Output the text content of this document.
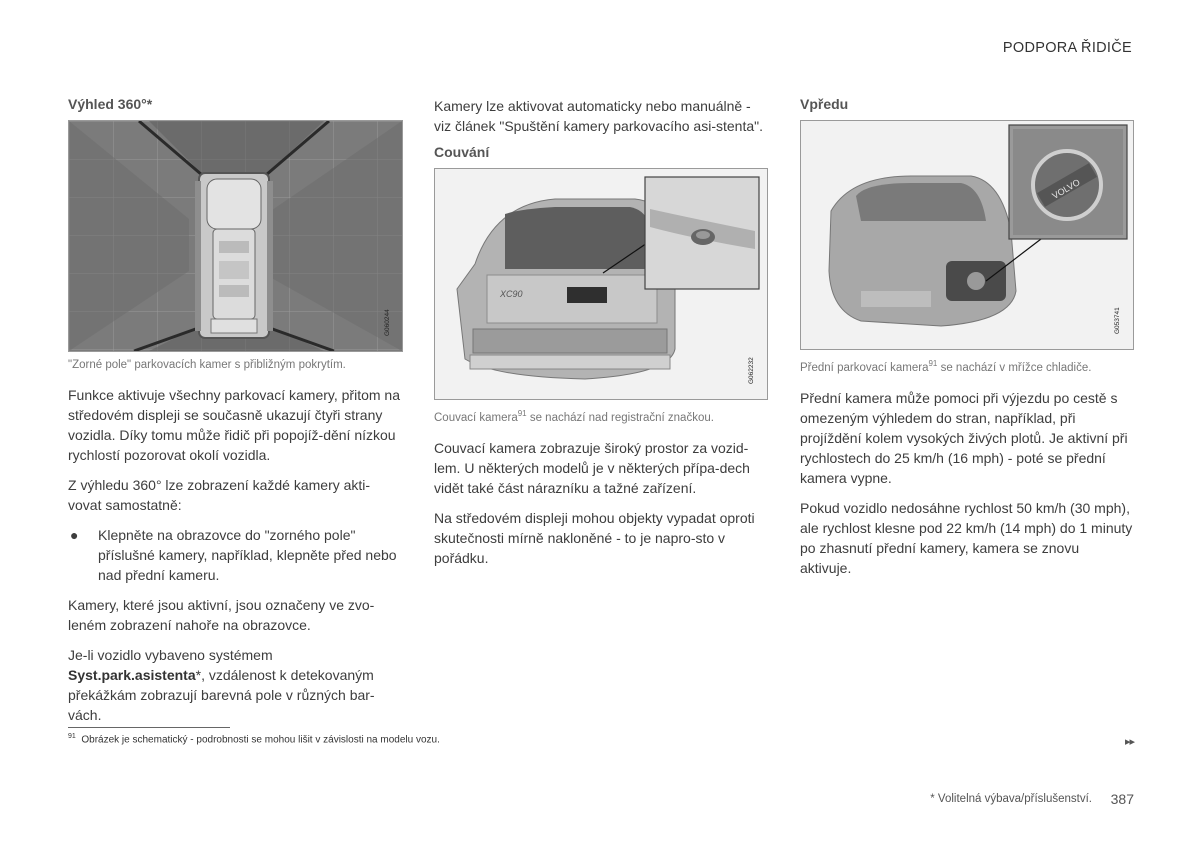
PODPORA ŘIDIČE
Výhled 360°*
G060244
"Zorné pole" parkovacích kamer s přibližným pokrytím.

Funkce aktivuje všechny parkovací kamery, přitom na středovém displeji se současně ukazují čtyři strany vozidla. Díky tomu může řidič při popojíž-dění nízkou rychlostí pozorovat okolí vozidla.

Z výhledu 360° lze zobrazení každé kamery akti-vovat samostatně:

●	Klepněte na obrazovce do "zorného pole" příslušné kamery, například, klepněte před nebo nad přední kameru.

Kamery, které jsou aktivní, jsou označeny ve zvo-leném zobrazení nahoře na obrazovce.

Je-li vozidlo vybaveno systémem
Syst.park.asistenta*, vzdálenost k detekovaným překážkám zobrazují barevná pole v různých bar-vách.

Kamery lze aktivovat automaticky nebo manuálně - viz článek "Spuštění kamery parkovacího asi-stenta".

Couvání
XC90
G062232
Couvací kamera$^{91}$ se nachází nad registrační značkou.

Couvací kamera zobrazuje široký prostor za vozid-lem. U některých modelů je v některých přípa-dech vidět také část nárazníku a tažné zařízení.

Na středovém displeji mohou objekty vypadat oproti skutečnosti mírně nakloněné - to je napro-sto v pořádku.

Vpředu
VOLVO
G053741
Přední parkovací kamera$^{91}$ se nachází v mřížce chladiče.

Přední kamera může pomoci při výjezdu po cestě s omezeným výhledem do stran, například, při projíždění kolem vysokých živých plotů. Je aktivní při rychlostech do 25 km/h (16 mph) - poté se přední kamera vypne.

Pokud vozidlo nedosáhne rychlost 50 km/h (30 mph), ale rychlost klesne pod 22 km/h (14 mph) do 1 minuty po zhasnutí přední kamery, kamera se znovu aktivuje.

$^{91}$ Obrázek je schematický - podrobnosti se mohou lišit v závislosti na modelu vozu.	▸▸
* Volitelná výbava/příslušenství. 387
